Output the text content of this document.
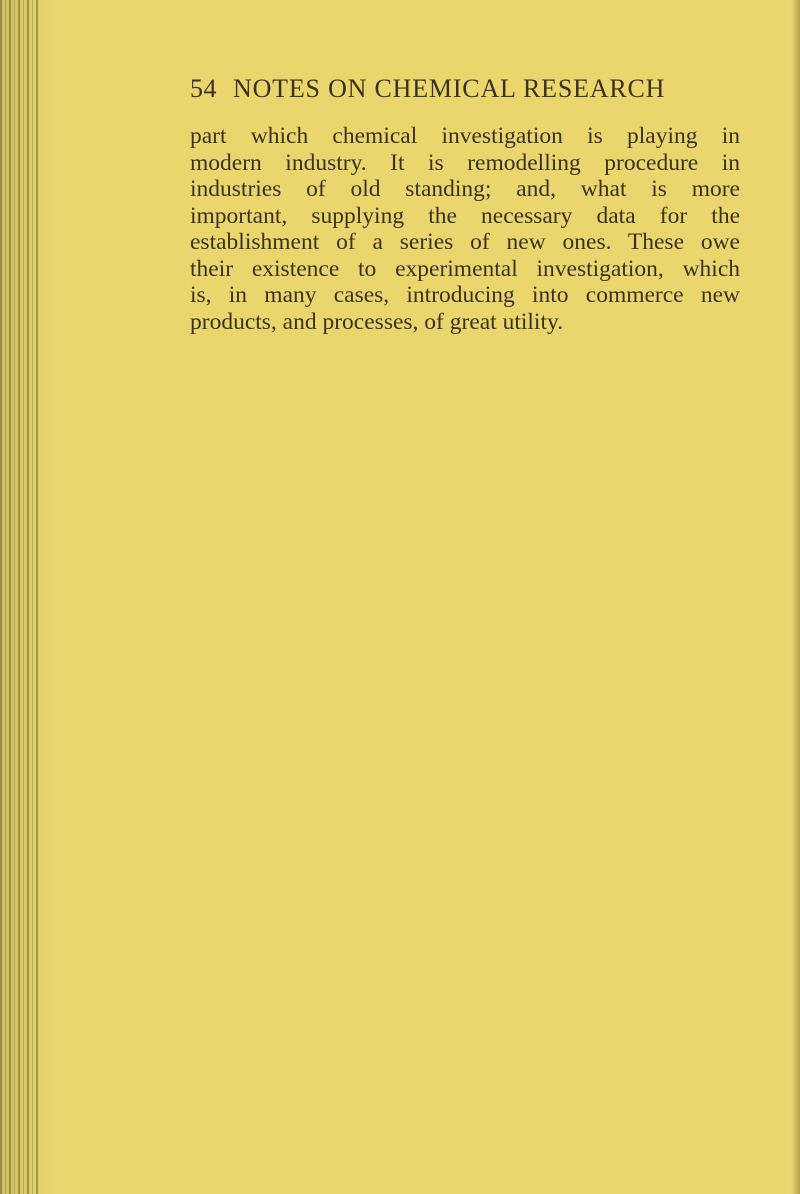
54 NOTES ON CHEMICAL RESEARCH
part which chemical investigation is playing in
modern industry. It is remodelling procedure in
industries of old standing; and, what is more
important, supplying the necessary data for the
establishment of a series of new ones. These owe
their existence to experimental investigation, which
is, in many cases, introducing into commerce new
products, and processes, of great utility.
